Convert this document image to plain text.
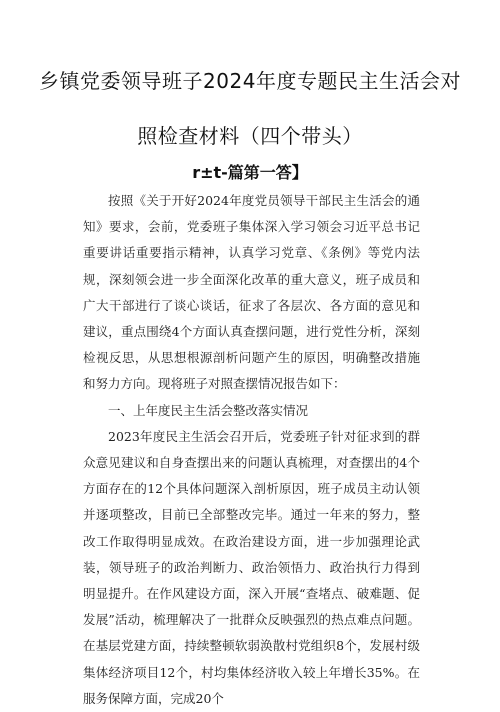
乡镇党委领导班子2024年度专题民主生活会对
照检查材料（四个带头）
r±t-篇第一答】

按照《关于开好2024年度党员领导干部民主生活会的通知》要求，会前，党委班子集体深入学习领会习近平总书记重要讲话重要指示精神，认真学习党章、《条例》等党内法规，深刻领会进一步全面深化改革的重大意义，班子成员和广大干部进行了谈心谈话，征求了各层次、各方面的意见和建议，重点围绕4个方面认真查摆问题，进行党性分析，深刻检视反思，从思想根源剖析问题产生的原因，明确整改措施和努力方向。现将班子对照查摆情况报告如下：

一、上年度民主生活会整改落实情况

2023年度民主生活会召开后，党委班子针对征求到的群众意见建议和自身查摆出来的问题认真梳理，对查摆出的4个方面存在的12个具体问题深入剖析原因，班子成员主动认领并逐项整改，目前已全部整改完毕。通过一年来的努力，整改工作取得明显成效。在政治建设方面，进一步加强理论武装，领导班子的政治判断力、政治领悟力、政治执行力得到明显提升。在作风建设方面，深入开展“查堵点、破难题、促发展”活动，梳理解决了一批群众反映强烈的热点难点问题。在基层党建方面，持续整顿软弱涣散村党组织8个，发展村级集体经济项目12个，村均集体经济收入较上年增长35%。在服务保障方面，完成20个
